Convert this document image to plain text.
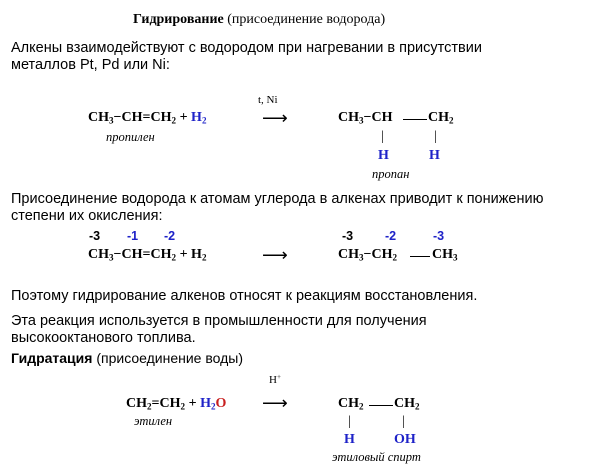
Гидрирование (присоединение водорода)
Алкены взаимодействуют с водородом при нагревании в присутствии
металлов Pt, Pd или Ni:
t, Ni
$CH_3-CH=CH_2 + H_2$	⟶	$CH_3-CH$	$CH_2$
пропилен	|	|
H	H
пропан
Присоединение водорода к атомам углерода в алкенах приводит к понижению
степени их окисления:
-3 -1 -2	-3	-2	-3
$CH_3-CH=CH_2 + H_2$	⟶	$CH_3-CH_2$ $CH_3$
Поэтому гидрирование алкенов относят к реакциям восстановления.
Эта реакция используется в промышленности для получения
высокооктанового топлива.
Гидратация (присоединение воды)
H+
$CH_2=CH_2 + H_2O$ ⟶	$CH_2$ $CH_2$
этилен	|	|
H	OH
этиловый спирт
